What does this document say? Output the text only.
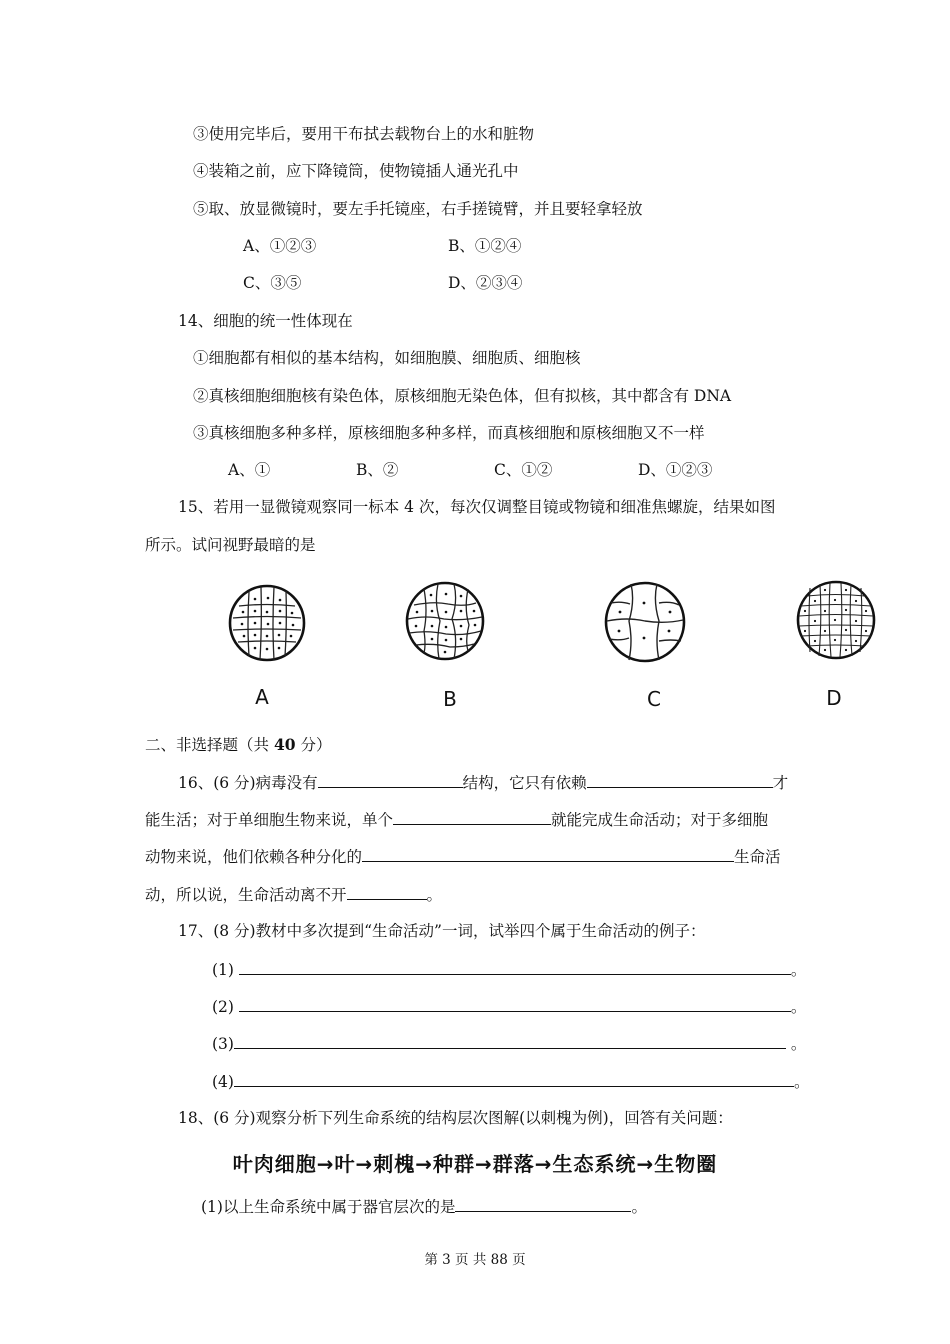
③使用完毕后，要用干布拭去载物台上的水和脏物
④装箱之前，应下降镜筒，使物镜插人通光孔中
⑤取、放显微镜时，要左手托镜座，右手搓镜臂，并且要轻拿轻放
A、①②③	B、①②④
C、③⑤	D、②③④
14、细胞的统一性体现在
①细胞都有相似的基本结构，如细胞膜、细胞质、细胞核
②真核细胞细胞核有染色体，原核细胞无染色体，但有拟核，其中都含有 DNA
③真核细胞多种多样，原核细胞多种多样，而真核细胞和原核细胞又不一样
A、①	B、②	C、①②	D、①②③
15、若用一显微镜观察同一标本 4 次，每次仅调整目镜或物镜和细准焦螺旋，结果如图
所示。试问视野最暗的是
A	B	C	D
二、非选择题（共 40 分）
16、(6 分)病毒没有	结构，它只有依赖	才
能生活；对于单细胞生物来说，单个	就能完成生命活动；对于多细胞
动物来说，他们依赖各种分化的	生命活
动，所以说，生命活动离不开	。
17、(8 分)教材中多次提到“生命活动”一词，试举四个属于生命活动的例子：
(1)	。
(2)	。
(3)	。
(4)	。
18、(6 分)观察分析下列生命系统的结构层次图解(以刺槐为例)，回答有关问题：
叶肉细胞→叶→刺槐→种群→群落→生态系统→生物圈
(1)以上生命系统中属于器官层次的是	。
第 3 页 共 88 页
